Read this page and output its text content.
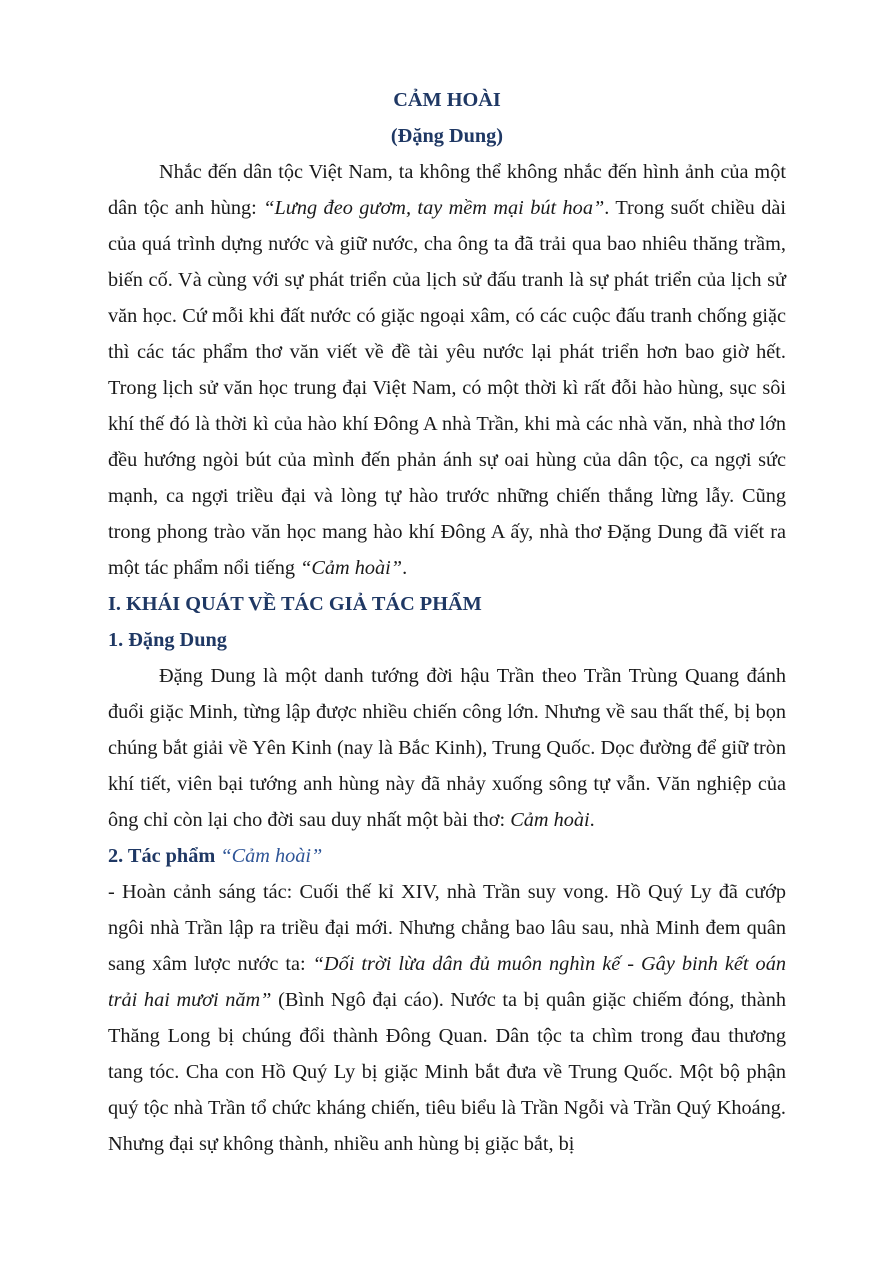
CẢM HOÀI
(Đặng Dung)

Nhắc đến dân tộc Việt Nam, ta không thể không nhắc đến hình ảnh của một dân tộc anh hùng: “Lưng đeo gươm, tay mềm mại bút hoa”. Trong suốt chiều dài của quá trình dựng nước và giữ nước, cha ông ta đã trải qua bao nhiêu thăng trầm, biến cố. Và cùng với sự phát triển của lịch sử đấu tranh là sự phát triển của lịch sử văn học. Cứ mỗi khi đất nước có giặc ngoại xâm, có các cuộc đấu tranh chống giặc thì các tác phẩm thơ văn viết về đề tài yêu nước lại phát triển hơn bao giờ hết. Trong lịch sử văn học trung đại Việt Nam, có một thời kì rất đỗi hào hùng, sục sôi khí thế đó là thời kì của hào khí Đông A nhà Trần, khi mà các nhà văn, nhà thơ lớn đều hướng ngòi bút của mình đến phản ánh sự oai hùng của dân tộc, ca ngợi sức mạnh, ca ngợi triều đại và lòng tự hào trước những chiến thắng lừng lẫy. Cũng trong phong trào văn học mang hào khí Đông A ấy, nhà thơ Đặng Dung đã viết ra một tác phẩm nổi tiếng “Cảm hoài”.

I. KHÁI QUÁT VỀ TÁC GIẢ TÁC PHẨM
1. Đặng Dung

Đặng Dung là một danh tướng đời hậu Trần theo Trần Trùng Quang đánh đuổi giặc Minh, từng lập được nhiều chiến công lớn. Nhưng về sau thất thế, bị bọn chúng bắt giải về Yên Kinh (nay là Bắc Kinh), Trung Quốc. Dọc đường để giữ tròn khí tiết, viên bại tướng anh hùng này đã nhảy xuống sông tự vẫn. Văn nghiệp của ông chỉ còn lại cho đời sau duy nhất một bài thơ: Cảm hoài.

2. Tác phẩm “Cảm hoài”

- Hoàn cảnh sáng tác: Cuối thế kỉ XIV, nhà Trần suy vong. Hồ Quý Ly đã cướp ngôi nhà Trần lập ra triều đại mới. Nhưng chẳng bao lâu sau, nhà Minh đem quân sang xâm lược nước ta: “Dối trời lừa dân đủ muôn nghìn kế - Gây binh kết oán trải hai mươi năm” (Bình Ngô đại cáo). Nước ta bị quân giặc chiếm đóng, thành Thăng Long bị chúng đổi thành Đông Quan. Dân tộc ta chìm trong đau thương tang tóc. Cha con Hồ Quý Ly bị giặc Minh bắt đưa về Trung Quốc. Một bộ phận quý tộc nhà Trần tổ chức kháng chiến, tiêu biểu là Trần Ngỗi và Trần Quý Khoáng. Nhưng đại sự không thành, nhiều anh hùng bị giặc bắt, bị
